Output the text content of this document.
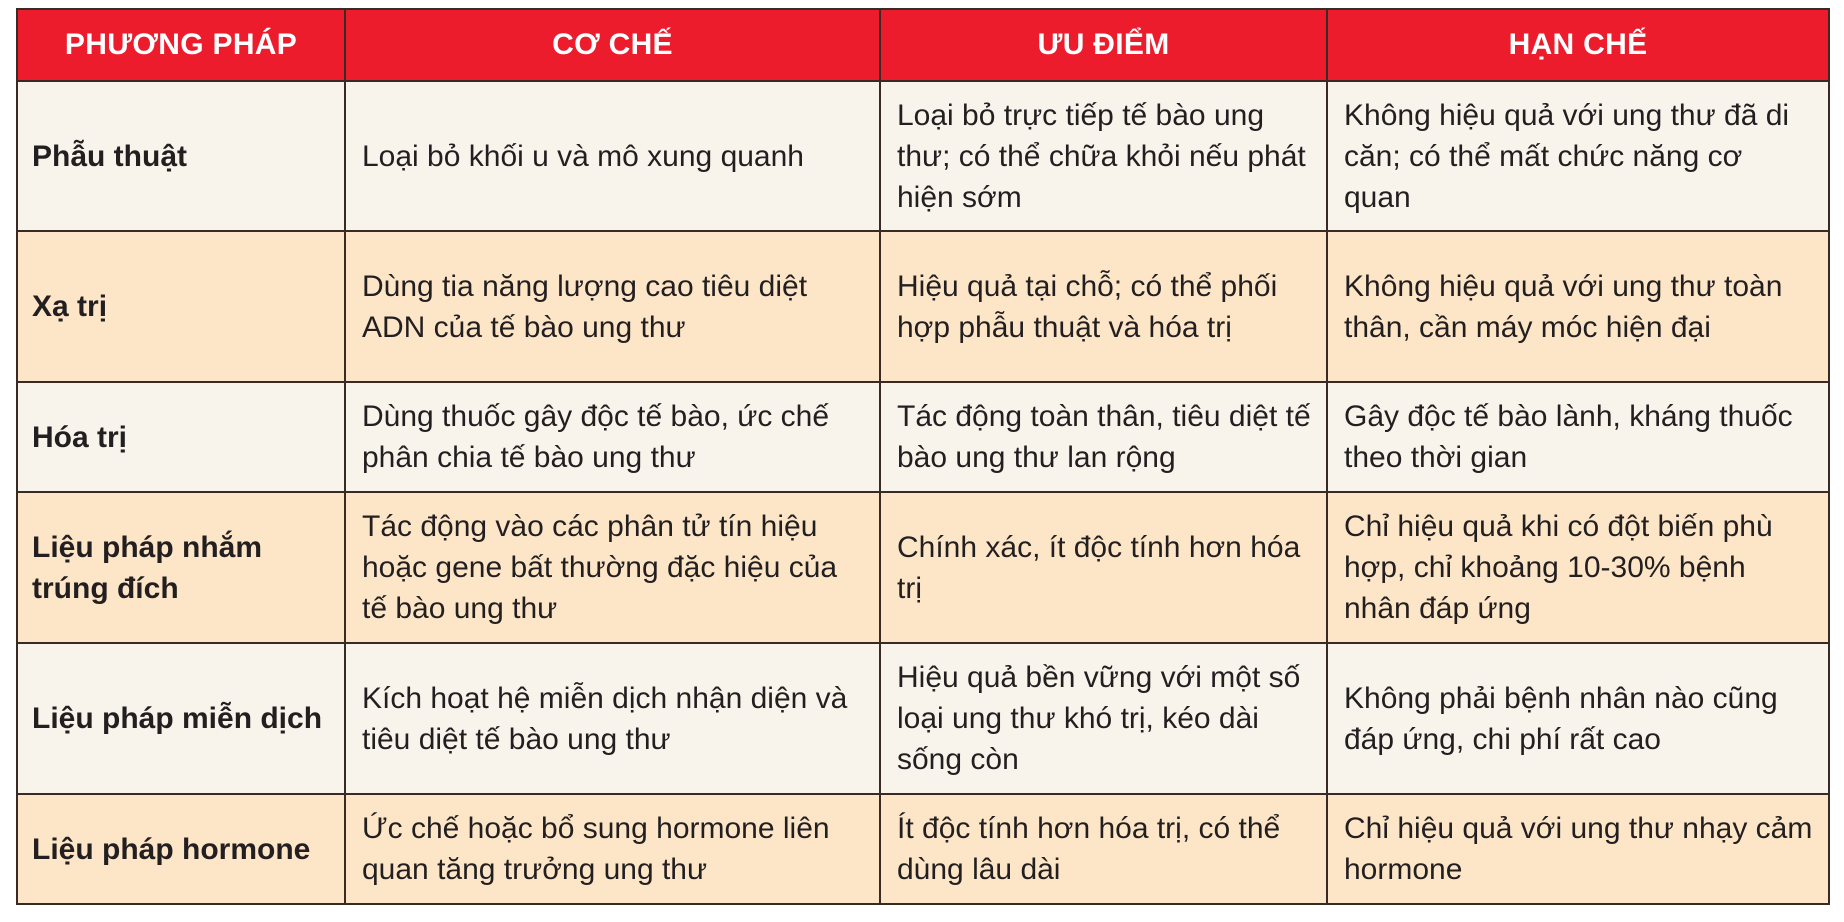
PHƯƠNG PHÁP	CƠ CHẾ	ƯU ĐIỂM	HẠN CHẾ
Phẫu thuật	Loại bỏ khối u và mô xung quanh	Loại bỏ trực tiếp tế bào ung thư; có thể chữa khỏi nếu phát hiện sớm	Không hiệu quả với ung thư đã di căn; có thể mất chức năng cơ quan
Xạ trị	Dùng tia năng lượng cao tiêu diệt ADN của tế bào ung thư	Hiệu quả tại chỗ; có thể phối hợp phẫu thuật và hóa trị	Không hiệu quả với ung thư toàn thân, cần máy móc hiện đại
Hóa trị	Dùng thuốc gây độc tế bào, ức chế phân chia tế bào ung thư	Tác động toàn thân, tiêu diệt tế bào ung thư lan rộng	Gây độc tế bào lành, kháng thuốc theo thời gian
Liệu pháp nhắm trúng đích	Tác động vào các phân tử tín hiệu hoặc gene bất thường đặc hiệu của tế bào ung thư	Chính xác, ít độc tính hơn hóa trị	Chỉ hiệu quả khi có đột biến phù hợp, chỉ khoảng 10-30% bệnh nhân đáp ứng
Liệu pháp miễn dịch	Kích hoạt hệ miễn dịch nhận diện và tiêu diệt tế bào ung thư	Hiệu quả bền vững với một số loại ung thư khó trị, kéo dài sống còn	Không phải bệnh nhân nào cũng đáp ứng, chi phí rất cao
Liệu pháp hormone	Ức chế hoặc bổ sung hormone liên quan tăng trưởng ung thư	Ít độc tính hơn hóa trị, có thể dùng lâu dài	Chỉ hiệu quả với ung thư nhạy cảm hormone
